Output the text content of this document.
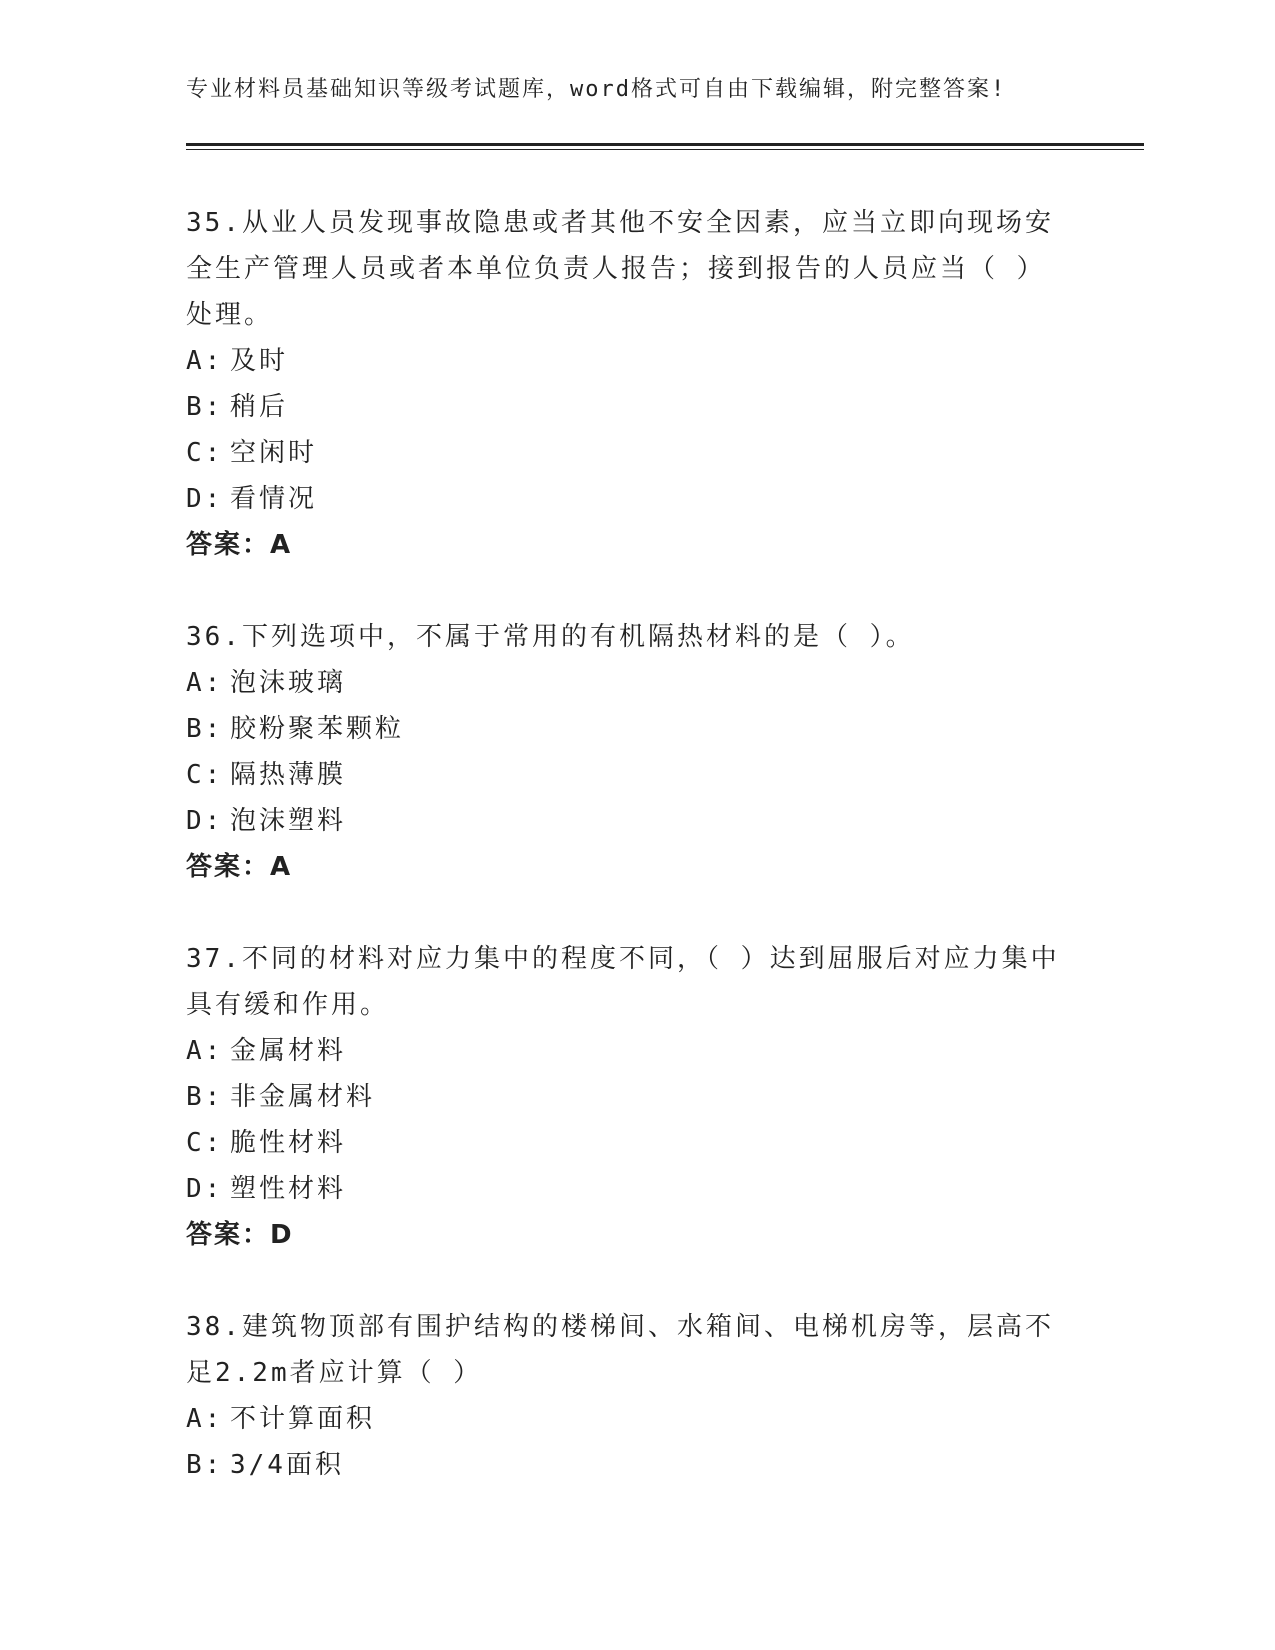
专业材料员基础知识等级考试题库，word格式可自由下载编辑，附完整答案!

35.从业人员发现事故隐患或者其他不安全因素，应当立即向现场安全生产管理人员或者本单位负责人报告；接到报告的人员应当（ ）处理。

A: 及时

B: 稍后

C: 空闲时

D: 看情况

答案：A

36.下列选项中，不属于常用的有机隔热材料的是（ ）。

A: 泡沫玻璃

B: 胶粉聚苯颗粒

C: 隔热薄膜

D: 泡沫塑料

答案：A

37.不同的材料对应力集中的程度不同，（ ）达到屈服后对应力集中具有缓和作用。

A: 金属材料

B: 非金属材料

C: 脆性材料

D: 塑性材料

答案：D

38.建筑物顶部有围护结构的楼梯间、水箱间、电梯机房等，层高不足2.2m者应计算（ ）

A: 不计算面积

B: 3/4面积
